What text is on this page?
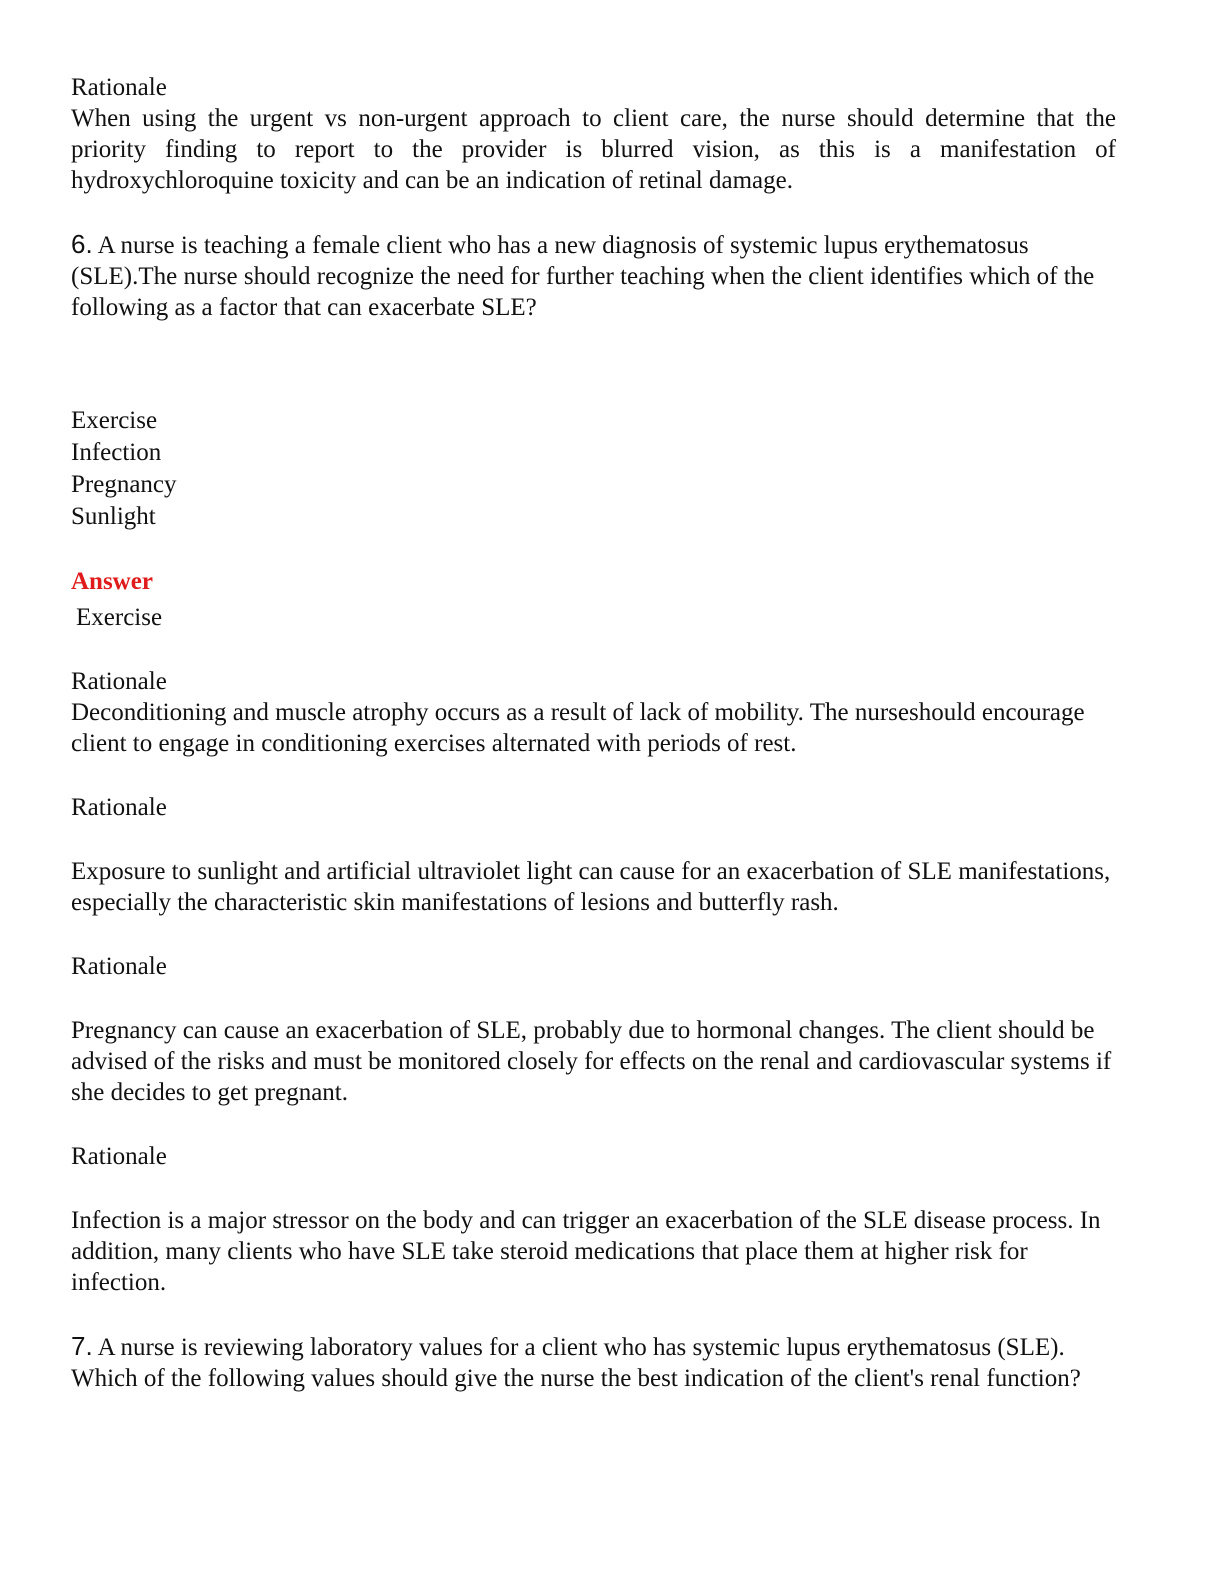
Rationale

When using the urgent vs non-urgent approach to client care, the nurse should determine that the priority finding to report to the provider is blurred vision, as this is a manifestation of hydroxychloroquine toxicity and can be an indication of retinal damage.

6. A nurse is teaching a female client who has a new diagnosis of systemic lupus erythematosus (SLE).The nurse should recognize the need for further teaching when the client identifies which of the following as a factor that can exacerbate SLE?

Exercise

Infection

Pregnancy

Sunlight

Answer

Exercise

Rationale

Deconditioning and muscle atrophy occurs as a result of lack of mobility. The nurseshould encourage client to engage in conditioning exercises alternated with periods of rest.

Rationale

Exposure to sunlight and artificial ultraviolet light can cause for an exacerbation of SLE manifestations, especially the characteristic skin manifestations of lesions and butterfly rash.

Rationale

Pregnancy can cause an exacerbation of SLE, probably due to hormonal changes. The client should be advised of the risks and must be monitored closely for effects on the renal and cardiovascular systems if she decides to get pregnant.

Rationale

Infection is a major stressor on the body and can trigger an exacerbation of the SLE disease process. In addition, many clients who have SLE take steroid medications that place them at higher risk for infection.

7. A nurse is reviewing laboratory values for a client who has systemic lupus erythematosus (SLE). Which of the following values should give the nurse the best indication of the client's renal function?
